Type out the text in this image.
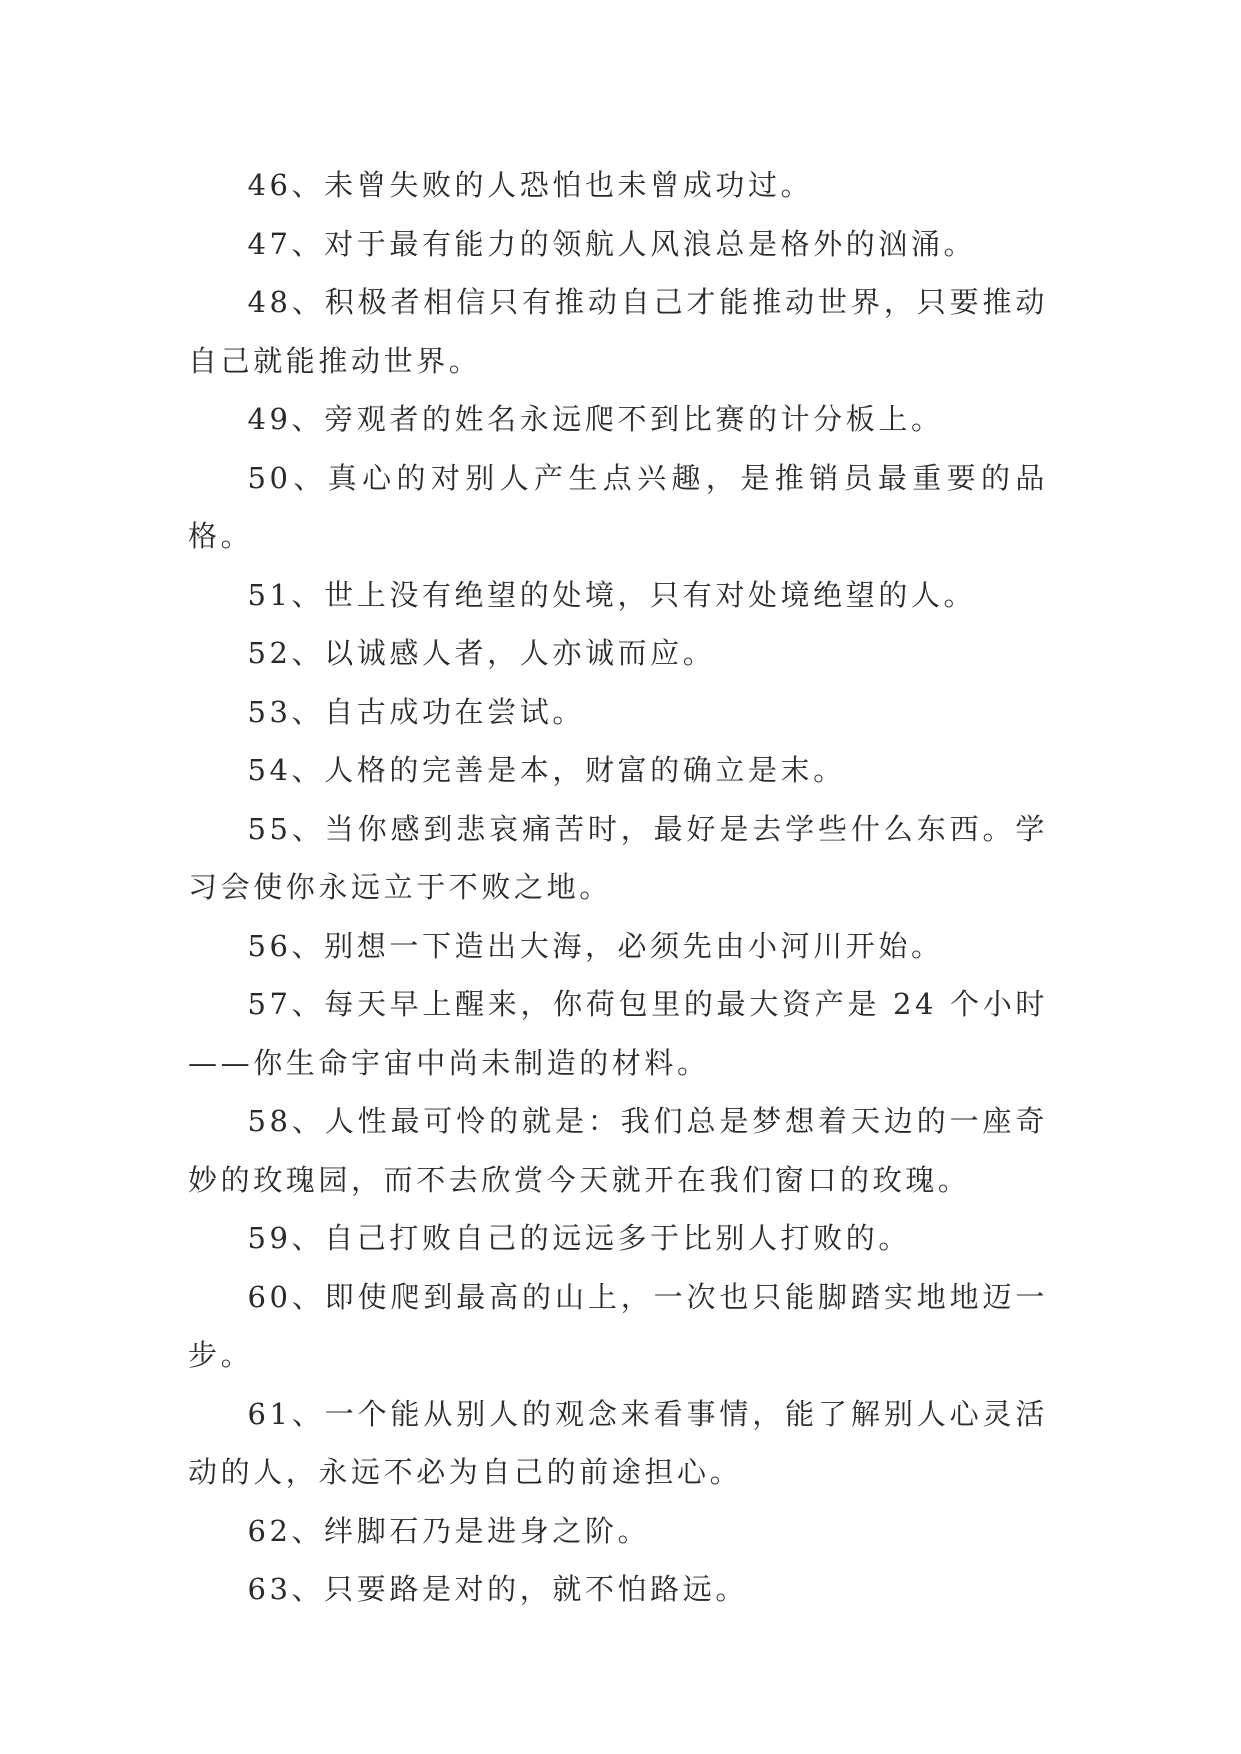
46、未曾失败的人恐怕也未曾成功过。

47、对于最有能力的领航人风浪总是格外的汹涌。

48、积极者相信只有推动自己才能推动世界，只要推动自己就能推动世界。

49、旁观者的姓名永远爬不到比赛的计分板上。

50、真心的对别人产生点兴趣，是推销员最重要的品格。

51、世上没有绝望的处境，只有对处境绝望的人。

52、以诚感人者，人亦诚而应。

53、自古成功在尝试。

54、人格的完善是本，财富的确立是末。

55、当你感到悲哀痛苦时，最好是去学些什么东西。学习会使你永远立于不败之地。

56、别想一下造出大海，必须先由小河川开始。

57、每天早上醒来，你荷包里的最大资产是 24 个小时——你生命宇宙中尚未制造的材料。

58、人性最可怜的就是：我们总是梦想着天边的一座奇妙的玫瑰园，而不去欣赏今天就开在我们窗口的玫瑰。

59、自己打败自己的远远多于比别人打败的。

60、即使爬到最高的山上，一次也只能脚踏实地地迈一步。

61、一个能从别人的观念来看事情，能了解别人心灵活动的人，永远不必为自己的前途担心。

62、绊脚石乃是进身之阶。

63、只要路是对的，就不怕路远。
